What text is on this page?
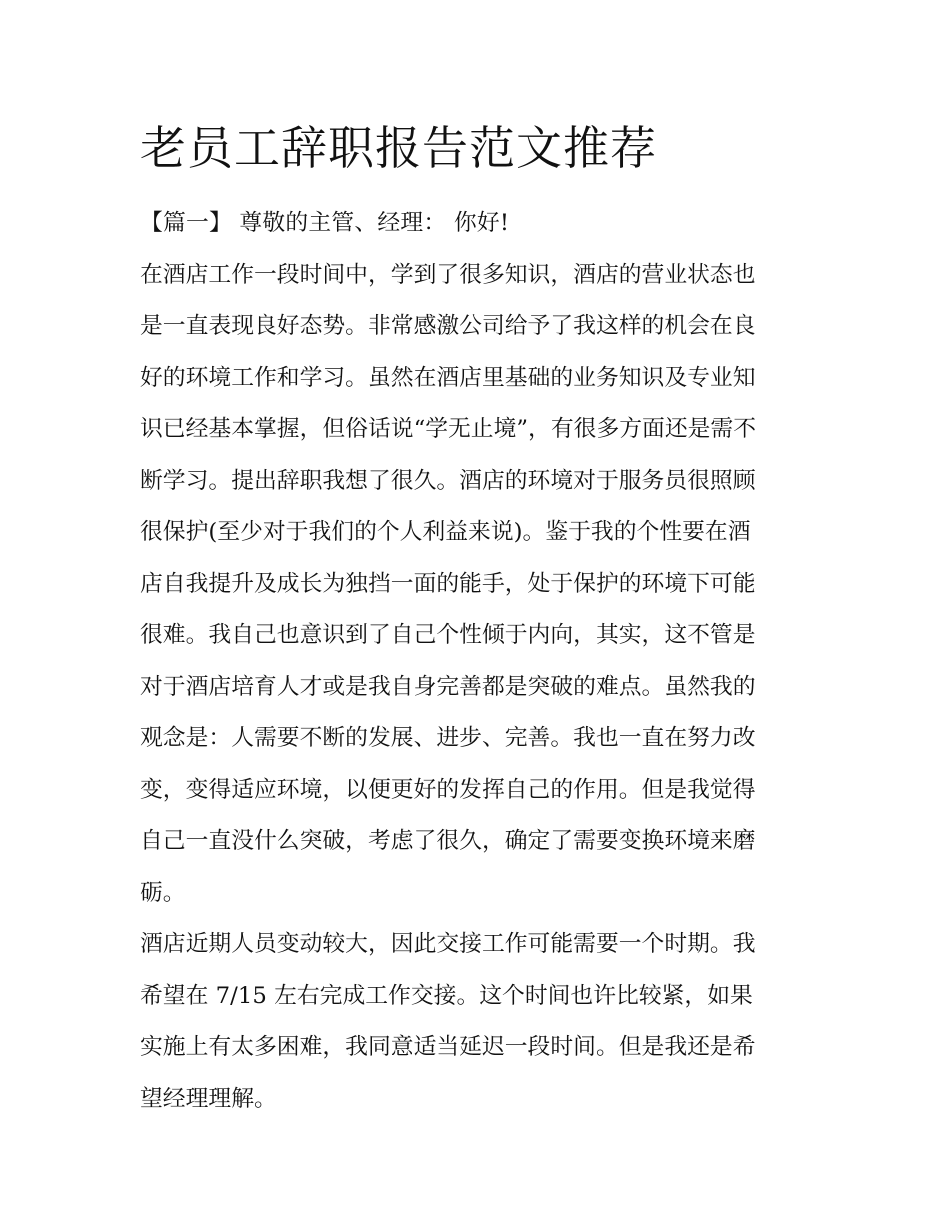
老员工辞职报告范文推荐
【篇一】 尊敬的主管、经理： 你好!
在酒店工作一段时间中，学到了很多知识，酒店的营业状态也
是一直表现良好态势。非常感激公司给予了我这样的机会在良
好的环境工作和学习。虽然在酒店里基础的业务知识及专业知
识已经基本掌握，但俗话说“学无止境”，有很多方面还是需不
断学习。提出辞职我想了很久。酒店的环境对于服务员很照顾
很保护(至少对于我们的个人利益来说)。鉴于我的个性要在酒
店自我提升及成长为独挡一面的能手，处于保护的环境下可能
很难。我自己也意识到了自己个性倾于内向，其实，这不管是
对于酒店培育人才或是我自身完善都是突破的难点。虽然我的
观念是：人需要不断的发展、进步、完善。我也一直在努力改
变，变得适应环境，以便更好的发挥自己的作用。但是我觉得
自己一直没什么突破，考虑了很久，确定了需要变换环境来磨
砺。
酒店近期人员变动较大，因此交接工作可能需要一个时期。我
希望在 7/15 左右完成工作交接。这个时间也许比较紧，如果
实施上有太多困难，我同意适当延迟一段时间。但是我还是希
望经理理解。
